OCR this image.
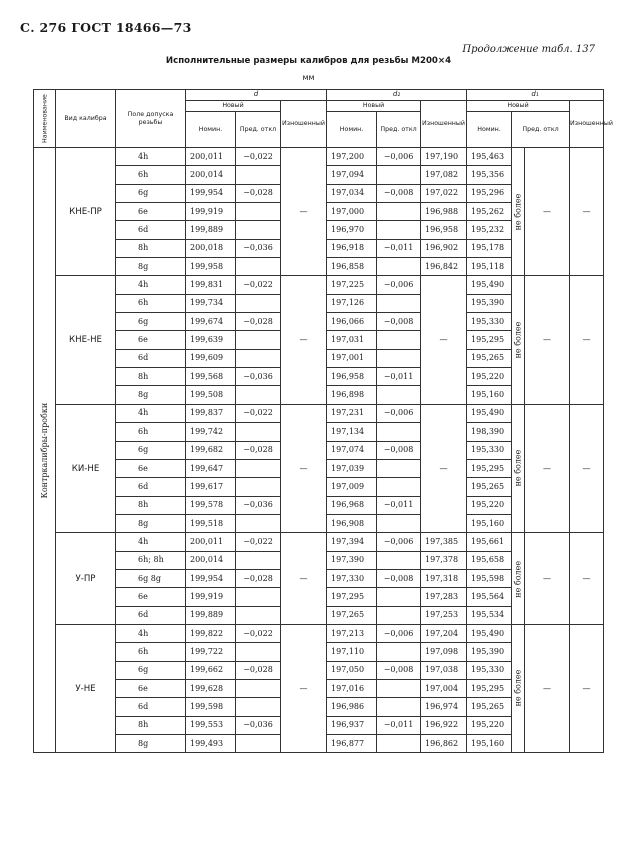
С. 276 ГОСТ 18466—73
Продолжение табл. 137
Исполнительные размеры калибров для резьбы М200×4
мм
Наименование	Вид калибра	Поле допуска резьбы	d			d₂			d₁			
			Новый		Изношенный	Новый		Изношенный	Новый			Изношенный
			Номин.	Пред. откл		Номин.	Пред. откл		Номин.	Пред. откл		
Контркалибры-пробки	КНЕ-ПР	4h	200,011	−0,022	—	197,200	−0,006	197,190	195,463	не более	—	—
		6h	200,014			197,094		197,082	195,356			
		6g	199,954	−0,028		197,034	−0,008	197,022	195,296			
		6e	199,919			197,000		196,988	195,262			
		6d	199,889			196,970		196,958	195,232			
		8h	200,018	−0,036		196,918	−0,011	196,902	195,178			
		8g	199,958			196,858		196,842	195,118			
	КНЕ-НЕ	4h	199,831	−0,022	—	197,225	−0,006	—	195,490	не более	—	—
		6h	199,734			197,126			195,390			
		6g	199,674	−0,028		196,066	−0,008		195,330			
		6e	199,639			197,031			195,295			
		6d	199,609			197,001			195,265			
		8h	199,568	−0,036		196,958	−0,011		195,220			
		8g	199,508			196,898			195,160			
	КИ-НЕ	4h	199,837	−0,022	—	197,231	−0,006	—	195,490	не более	—	—
		6h	199,742			197,134			198,390			
		6g	199,682	−0,028		197,074	−0,008		195,330			
		6e	199,647			197,039			195,295			
		6d	199,617			197,009			195,265			
		8h	199,578	−0,036		196,968	−0,011		195,220			
		8g	199,518			196,908			195,160			
	У-ПР	4h	200,011	−0,022	—	197,394	−0,006	197,385	195,661	не более	—	—
		6h; 8h	200,014			197,390		197,378	195,658			
		6g 8g	199,954	−0,028		197,330	−0,008	197,318	195,598			
		6e	199,919			197,295		197,283	195,564			
		6d	199,889			197,265		197,253	195,534			
	У-НЕ	4h	199,822	−0,022	—	197,213	−0,006	197,204	195,490	не более	—	—
		6h	199,722			197,110		197,098	195,390			
		6g	199,662	−0,028		197,050	−0,008	197,038	195,330			
		6e	199,628			197,016		197,004	195,295			
		6d	199,598			196,986		196,974	195,265			
		8h	199,553	−0,036		196,937	−0,011	196,922	195,220			
		8g	199,493			196,877		196,862	195,160			
